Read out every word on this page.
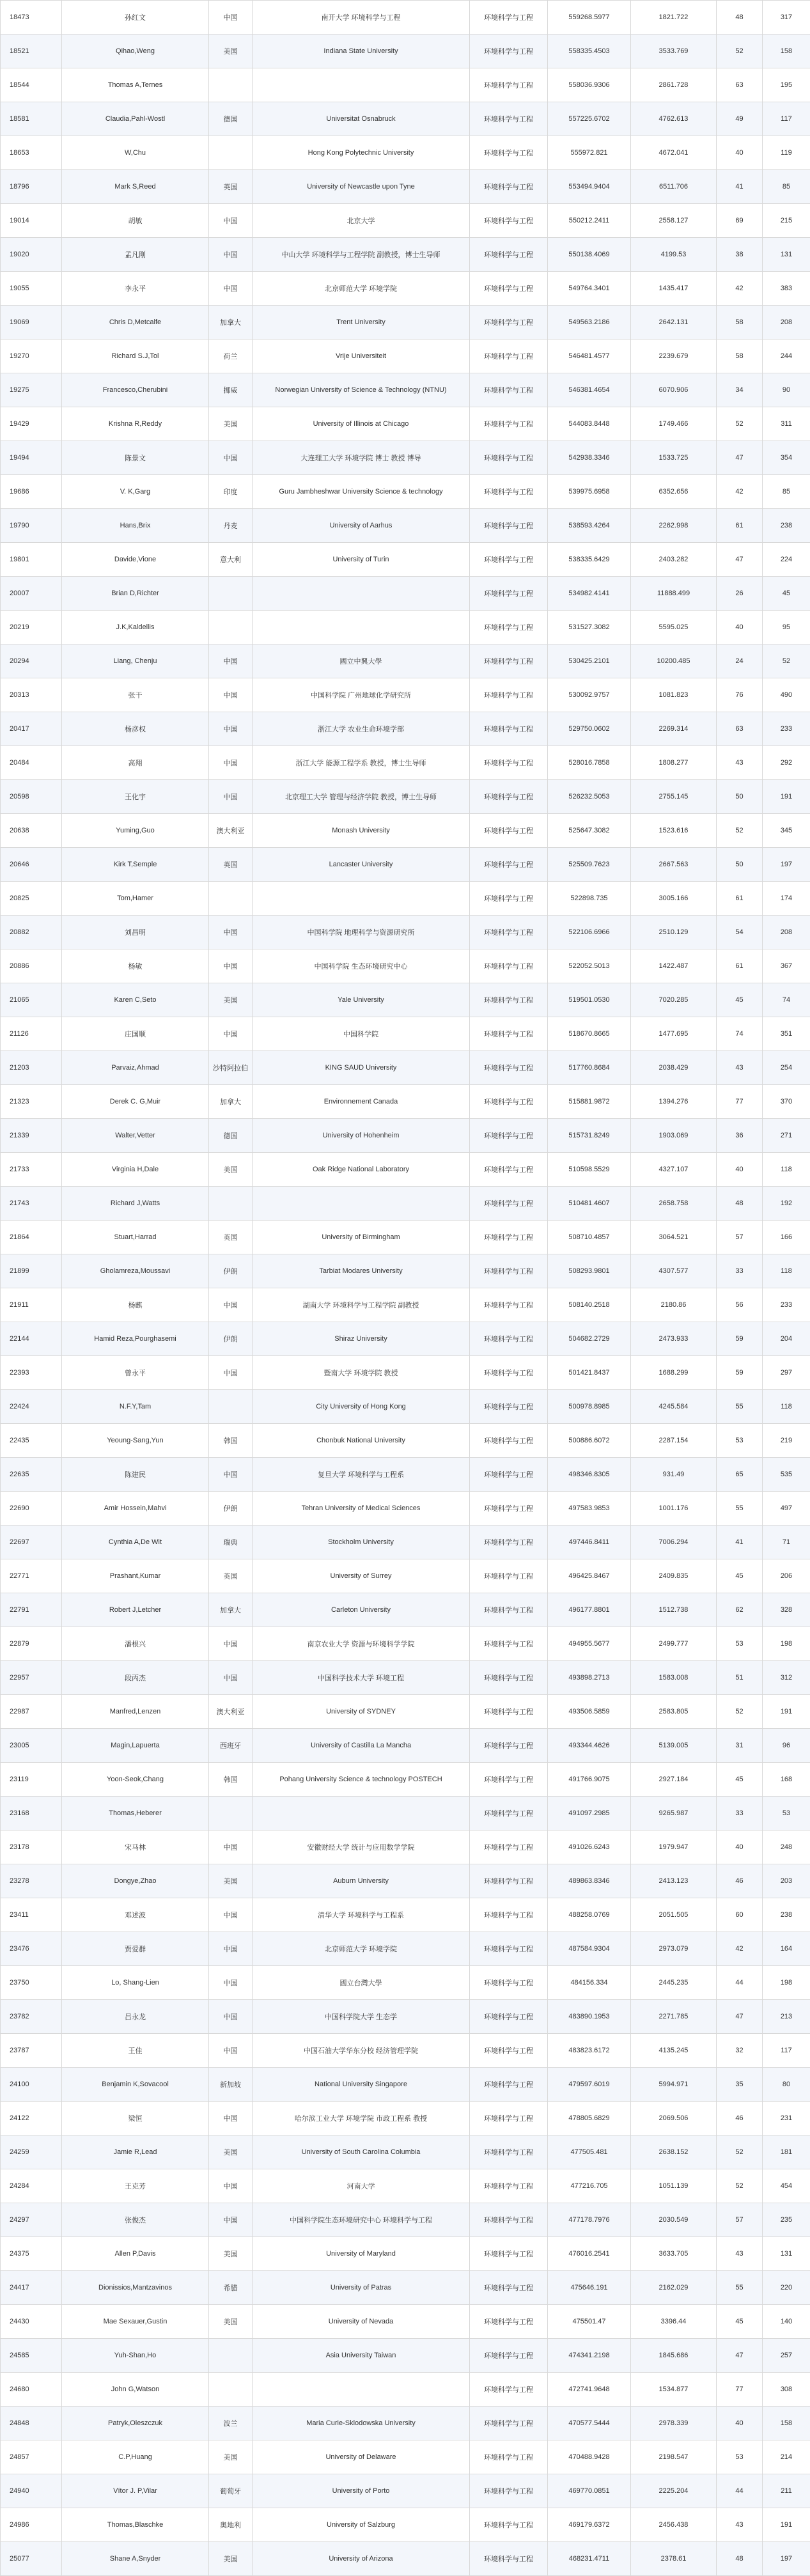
18473	孙红文	中国	南开大学 环境科学与工程	环境科学与工程	559268.5977	1821.722	48	317
18521	Qihao,Weng	美国	Indiana State University	环境科学与工程	558335.4503	3533.769	52	158
18544	Thomas A,Ternes			环境科学与工程	558036.9306	2861.728	63	195
18581	Claudia,Pahl-Wostl	德国	Universitat Osnabruck	环境科学与工程	557225.6702	4762.613	49	117
18653	W,Chu		Hong Kong Polytechnic University	环境科学与工程	555972.821	4672.041	40	119
18796	Mark S,Reed	英国	University of Newcastle upon Tyne	环境科学与工程	553494.9404	6511.706	41	85
19014	胡敏	中国	北京大学	环境科学与工程	550212.2411	2558.127	69	215
19020	孟凡刚	中国	中山大学 环境科学与工程学院 副教授，博士生导师	环境科学与工程	550138.4069	4199.53	38	131
19055	李永平	中国	北京师范大学 环境学院	环境科学与工程	549764.3401	1435.417	42	383
19069	Chris D,Metcalfe	加拿大	Trent University	环境科学与工程	549563.2186	2642.131	58	208
19270	Richard S.J,Tol	荷兰	Vrije Universiteit	环境科学与工程	546481.4577	2239.679	58	244
19275	Francesco,Cherubini	挪威	Norwegian University of Science & Technology (NTNU)	环境科学与工程	546381.4654	6070.906	34	90
19429	Krishna R,Reddy	美国	University of Illinois at Chicago	环境科学与工程	544083.8448	1749.466	52	311
19494	陈景文	中国	大连理工大学 环境学院 博士 教授 博导	环境科学与工程	542938.3346	1533.725	47	354
19686	V. K,Garg	印度	Guru Jambheshwar University Science & technology	环境科学与工程	539975.6958	6352.656	42	85
19790	Hans,Brix	丹麦	University of Aarhus	环境科学与工程	538593.4264	2262.998	61	238
19801	Davide,Vione	意大利	University of Turin	环境科学与工程	538335.6429	2403.282	47	224
20007	Brian D,Richter			环境科学与工程	534982.4141	11888.499	26	45
20219	J.K,Kaldellis			环境科学与工程	531527.3082	5595.025	40	95
20294	Liang, Chenju	中国	國立中興大學	环境科学与工程	530425.2101	10200.485	24	52
20313	张干	中国	中国科学院 广州地球化学研究所	环境科学与工程	530092.9757	1081.823	76	490
20417	杨彦权	中国	浙江大学 农业生命环境学部	环境科学与工程	529750.0602	2269.314	63	233
20484	高翔	中国	浙江大学 能源工程学系 教授，博士生导师	环境科学与工程	528016.7858	1808.277	43	292
20598	王化宇	中国	北京理工大学 管理与经济学院 教授，博士生导师	环境科学与工程	526232.5053	2755.145	50	191
20638	Yuming,Guo	澳大利亚	Monash University	环境科学与工程	525647.3082	1523.616	52	345
20646	Kirk T,Semple	英国	Lancaster University	环境科学与工程	525509.7623	2667.563	50	197
20825	Tom,Hamer			环境科学与工程	522898.735	3005.166	61	174
20882	刘昌明	中国	中国科学院 地理科学与资源研究所	环境科学与工程	522106.6966	2510.129	54	208
20886	杨敏	中国	中国科学院 生态环境研究中心	环境科学与工程	522052.5013	1422.487	61	367
21065	Karen C,Seto	美国	Yale University	环境科学与工程	519501.0530	7020.285	45	74
21126	庄国顺	中国	中国科学院	环境科学与工程	518670.8665	1477.695	74	351
21203	Parvaiz,Ahmad	沙特阿拉伯	KING SAUD University	环境科学与工程	517760.8684	2038.429	43	254
21323	Derek C. G,Muir	加拿大	Environnement Canada	环境科学与工程	515881.9872	1394.276	77	370
21339	Walter,Vetter	德国	University of Hohenheim	环境科学与工程	515731.8249	1903.069	36	271
21733	Virginia H,Dale	美国	Oak Ridge National Laboratory	环境科学与工程	510598.5529	4327.107	40	118
21743	Richard J,Watts			环境科学与工程	510481.4607	2658.758	48	192
21864	Stuart,Harrad	英国	University of Birmingham	环境科学与工程	508710.4857	3064.521	57	166
21899	Gholamreza,Moussavi	伊朗	Tarbiat Modares University	环境科学与工程	508293.9801	4307.577	33	118
21911	杨麒	中国	湖南大学 环境科学与工程学院 副教授	环境科学与工程	508140.2518	2180.86	56	233
22144	Hamid Reza,Pourghasemi	伊朗	Shiraz University	环境科学与工程	504682.2729	2473.933	59	204
22393	曾永平	中国	暨南大学 环境学院 教授	环境科学与工程	501421.8437	1688.299	59	297
22424	N.F.Y,Tam		City University of Hong Kong	环境科学与工程	500978.8985	4245.584	55	118
22435	Yeoung-Sang,Yun	韩国	Chonbuk National University	环境科学与工程	500886.6072	2287.154	53	219
22635	陈建民	中国	复旦大学 环境科学与工程系	环境科学与工程	498346.8305	931.49	65	535
22690	Amir Hossein,Mahvi	伊朗	Tehran University of Medical Sciences	环境科学与工程	497583.9853	1001.176	55	497
22697	Cynthia A,De Wit	瑞典	Stockholm University	环境科学与工程	497446.8411	7006.294	41	71
22771	Prashant,Kumar	英国	University of Surrey	环境科学与工程	496425.8467	2409.835	45	206
22791	Robert J,Letcher	加拿大	Carleton University	环境科学与工程	496177.8801	1512.738	62	328
22879	潘根兴	中国	南京农业大学 资源与环境科学学院	环境科学与工程	494955.5677	2499.777	53	198
22957	段丙杰	中国	中国科学技术大学 环境工程	环境科学与工程	493898.2713	1583.008	51	312
22987	Manfred,Lenzen	澳大利亚	University of SYDNEY	环境科学与工程	493506.5859	2583.805	52	191
23005	Magin,Lapuerta	西班牙	University of Castilla La Mancha	环境科学与工程	493344.4626	5139.005	31	96
23119	Yoon-Seok,Chang	韩国	Pohang University Science & technology POSTECH	环境科学与工程	491766.9075	2927.184	45	168
23168	Thomas,Heberer			环境科学与工程	491097.2985	9265.987	33	53
23178	宋马林	中国	安徽财经大学 统计与应用数学学院	环境科学与工程	491026.6243	1979.947	40	248
23278	Dongye,Zhao	美国	Auburn University	环境科学与工程	489863.8346	2413.123	46	203
23411	邓述波	中国	清华大学 环境科学与工程系	环境科学与工程	488258.0769	2051.505	60	238
23476	贾爱群	中国	北京师范大学 环境学院	环境科学与工程	487584.9304	2973.079	42	164
23750	Lo, Shang-Lien	中国	國立台灣大學	环境科学与工程	484156.334	2445.235	44	198
23782	吕永龙	中国	中国科学院大学 生态学	环境科学与工程	483890.1953	2271.785	47	213
23787	王佳	中国	中国石油大学华东分校 经济管理学院	环境科学与工程	483823.6172	4135.245	32	117
24100	Benjamin K,Sovacool	新加坡	National University Singapore	环境科学与工程	479597.6019	5994.971	35	80
24122	梁恒	中国	哈尔滨工业大学 环境学院 市政工程系 教授	环境科学与工程	478805.6829	2069.506	46	231
24259	Jamie R,Lead	美国	University of South Carolina Columbia	环境科学与工程	477505.481	2638.152	52	181
24284	王克芳	中国	河南大学	环境科学与工程	477216.705	1051.139	52	454
24297	张俊杰	中国	中国科学院生态环境研究中心 环境科学与工程	环境科学与工程	477178.7976	2030.549	57	235
24375	Allen P,Davis	美国	University of Maryland	环境科学与工程	476016.2541	3633.705	43	131
24417	Dionissios,Mantzavinos	希腊	University of Patras	环境科学与工程	475646.191	2162.029	55	220
24430	Mae Sexauer,Gustin	美国	University of Nevada	环境科学与工程	475501.47	3396.44	45	140
24585	Yuh-Shan,Ho		Asia University Taiwan	环境科学与工程	474341.2198	1845.686	47	257
24680	John G,Watson			环境科学与工程	472741.9648	1534.877	77	308
24848	Patryk,Oleszczuk	波兰	Maria Curie-Sklodowska University	环境科学与工程	470577.5444	2978.339	40	158
24857	C.P,Huang	美国	University of Delaware	环境科学与工程	470488.9428	2198.547	53	214
24940	Vítor J. P,Vilar	葡萄牙	University of Porto	环境科学与工程	469770.0851	2225.204	44	211
24986	Thomas,Blaschke	奥地利	University of Salzburg	环境科学与工程	469179.6372	2456.438	43	191
25077	Shane A,Snyder	美国	University of Arizona	环境科学与工程	468231.4711	2378.61	48	197
